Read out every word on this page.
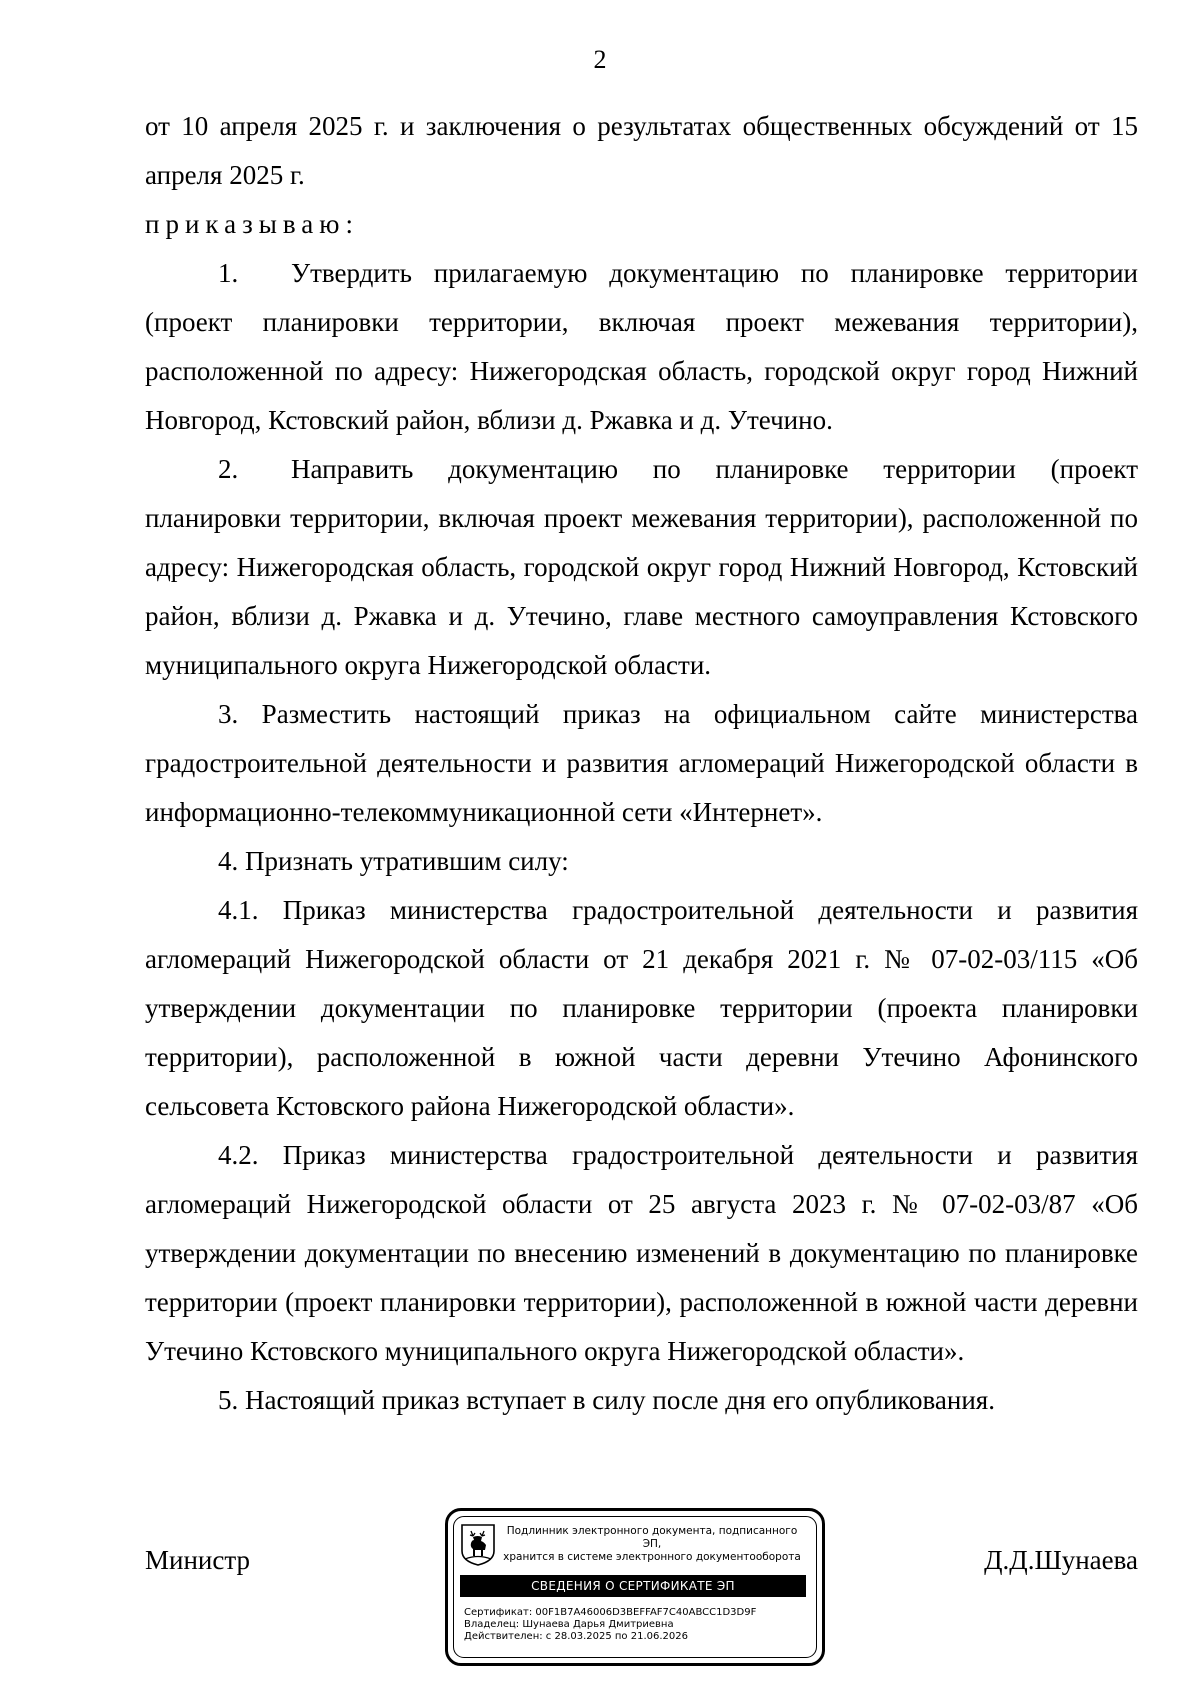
2

от 10 апреля 2025 г. и заключения о результатах общественных обсуждений от 15 апреля 2025 г.

приказываю:

1. Утвердить прилагаемую документацию по планировке территории (проект планировки территории, включая проект межевания территории), расположенной по адресу: Нижегородская область, городской округ город Нижний Новгород, Кстовский район, вблизи д. Ржавка и д. Утечино.

2. Направить документацию по планировке территории (проект планировки территории, включая проект межевания территории), расположенной по адресу: Нижегородская область, городской округ город Нижний Новгород, Кстовский район, вблизи д. Ржавка и д. Утечино, главе местного самоуправления Кстовского муниципального округа Нижегородской области.

3. Разместить настоящий приказ на официальном сайте министерства градостроительной деятельности и развития агломераций Нижегородской области в информационно-телекоммуникационной сети «Интернет».

4. Признать утратившим силу:

4.1. Приказ министерства градостроительной деятельности и развития агломераций Нижегородской области от 21 декабря 2021 г. № 07-02-03/115 «Об утверждении документации по планировке территории (проекта планировки территории), расположенной в южной части деревни Утечино Афонинского сельсовета Кстовского района Нижегородской области».

4.2. Приказ министерства градостроительной деятельности и развития агломераций Нижегородской области от 25 августа 2023 г. № 07-02-03/87 «Об утверждении документации по внесению изменений в документацию по планировке территории (проект планировки территории), расположенной в южной части деревни Утечино Кстовского муниципального округа Нижегородской области».

5. Настоящий приказ вступает в силу после дня его опубликования.

Министр
Подлинник электронного документа, подписанного ЭП,
хранится в системе электронного документооборота
СВЕДЕНИЯ О СЕРТИФИКАТЕ ЭП
Сертификат: 00F1B7A46006D3BEFFAF7C40ABCC1D3D9F
Владелец: Шунаева Дарья Дмитриевна
Действителен: с 28.03.2025 по 21.06.2026
Д.Д.Шунаева
